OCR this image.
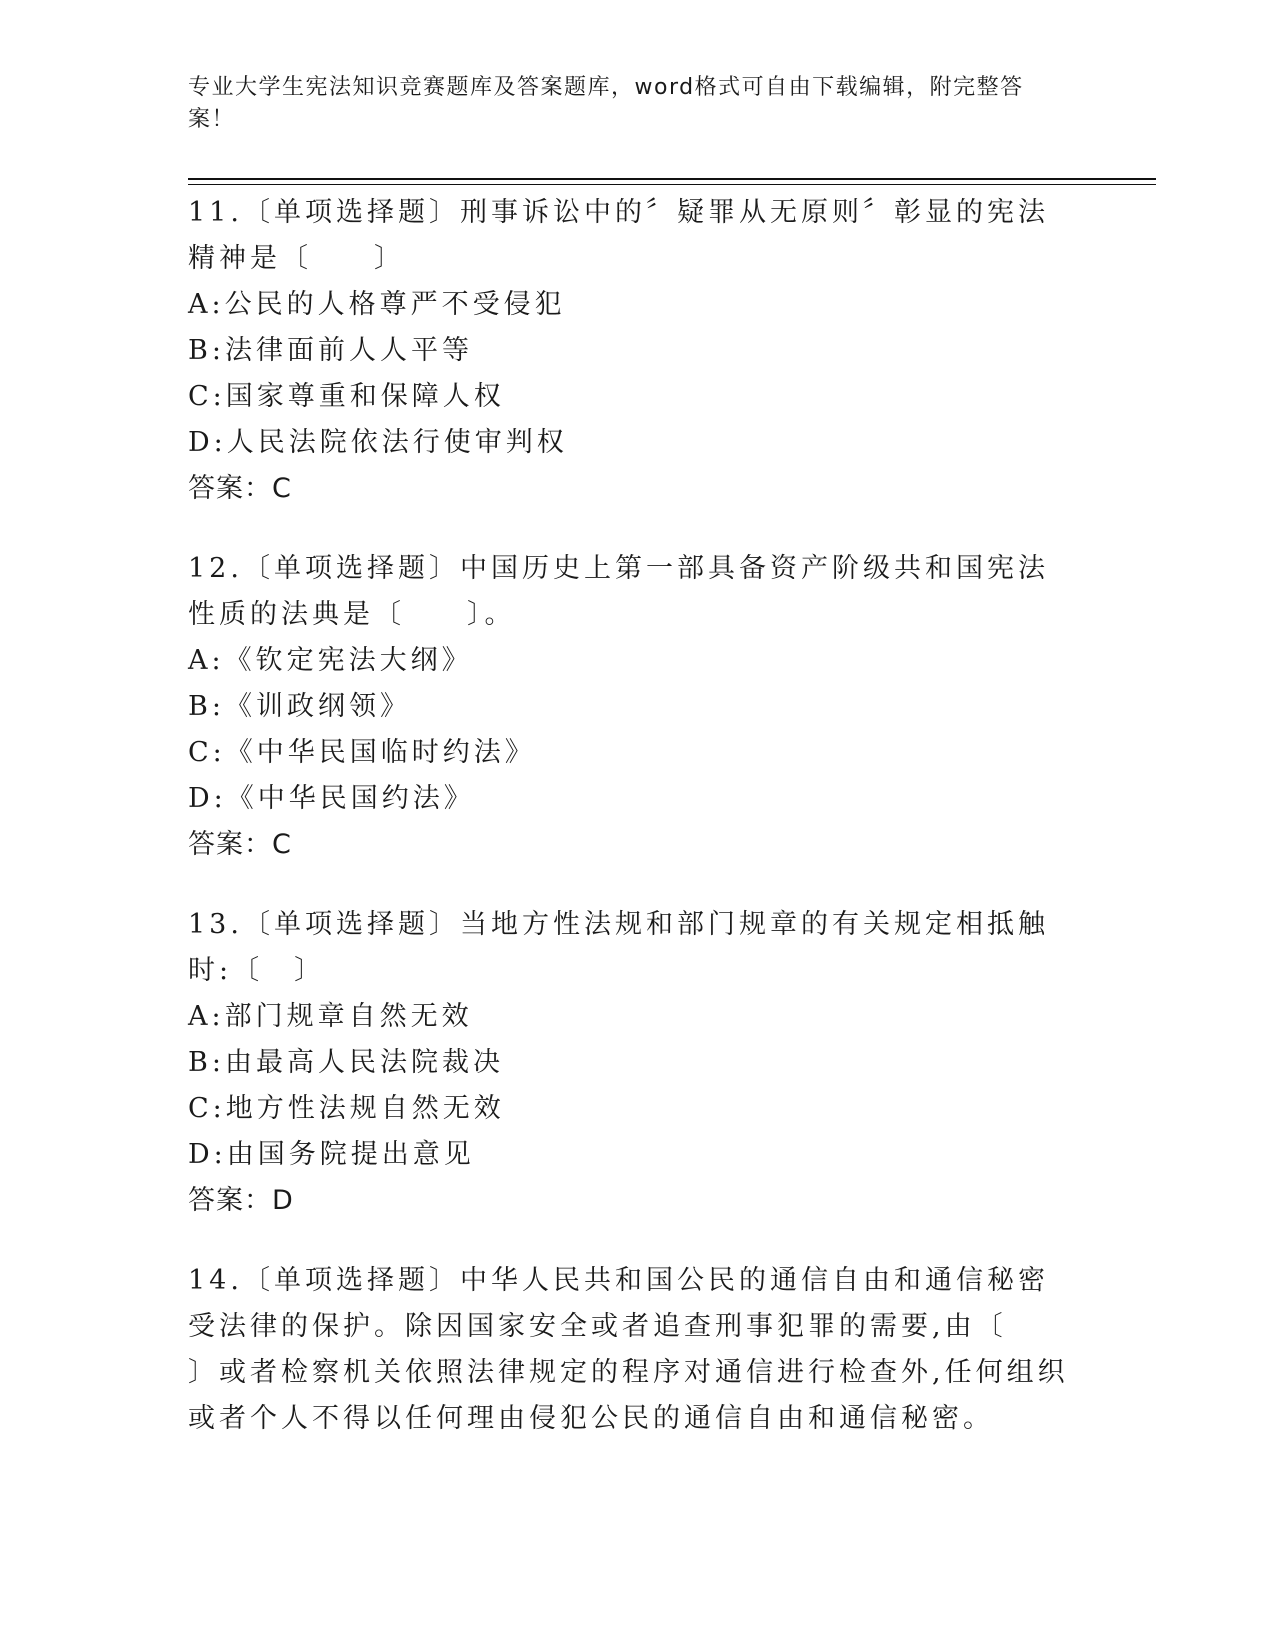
专业大学生宪法知识竞赛题库及答案题库，word格式可自由下载编辑，附完整答案！

11.〔单项选择题〕刑事诉讼中的〞疑罪从无原则〞彰显的宪法精神是〔　　〕

A:公民的人格尊严不受侵犯

B:法律面前人人平等

C:国家尊重和保障人权

D:人民法院依法行使审判权

答案：C

12.〔单项选择题〕中国历史上第一部具备资产阶级共和国宪法性质的法典是〔　　〕。

A:《钦定宪法大纲》

B:《训政纲领》

C:《中华民国临时约法》

D:《中华民国约法》

答案：C

13.〔单项选择题〕当地方性法规和部门规章的有关规定相抵触时:〔　〕

A:部门规章自然无效

B:由最高人民法院裁决

C:地方性法规自然无效

D:由国务院提出意见

答案：D

14.〔单项选择题〕中华人民共和国公民的通信自由和通信秘密受法律的保护。除因国家安全或者追查刑事犯罪的需要,由〔　　〕或者检察机关依照法律规定的程序对通信进行检查外,任何组织或者个人不得以任何理由侵犯公民的通信自由和通信秘密。
